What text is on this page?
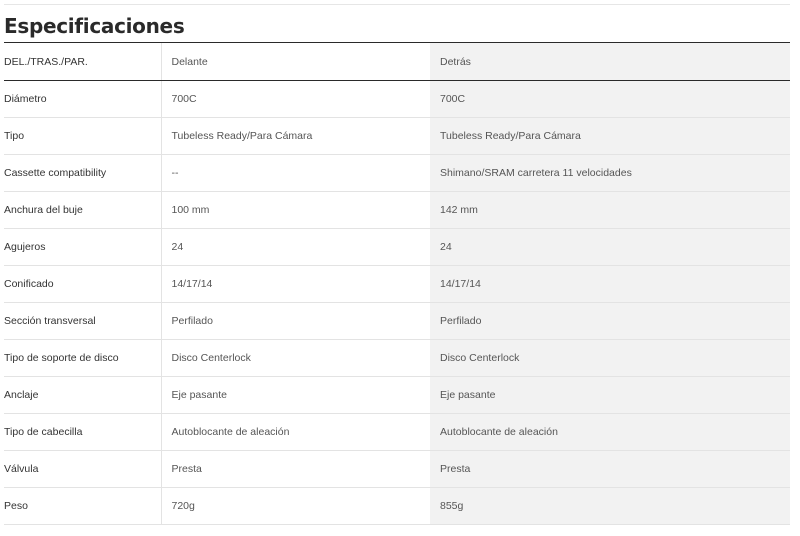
Especificaciones
DEL./TRAS./PAR.	Delante	Detrás
Diámetro	700C	700C
Tipo	Tubeless Ready/Para Cámara	Tubeless Ready/Para Cámara
Cassette compatibility	--	Shimano/SRAM carretera 11 velocidades
Anchura del buje	100 mm	142 mm
Agujeros	24	24
Conificado	14/17/14	14/17/14
Sección transversal	Perfilado	Perfilado
Tipo de soporte de disco	Disco Centerlock	Disco Centerlock
Anclaje	Eje pasante	Eje pasante
Tipo de cabecilla	Autoblocante de aleación	Autoblocante de aleación
Válvula	Presta	Presta
Peso	720g	855g
